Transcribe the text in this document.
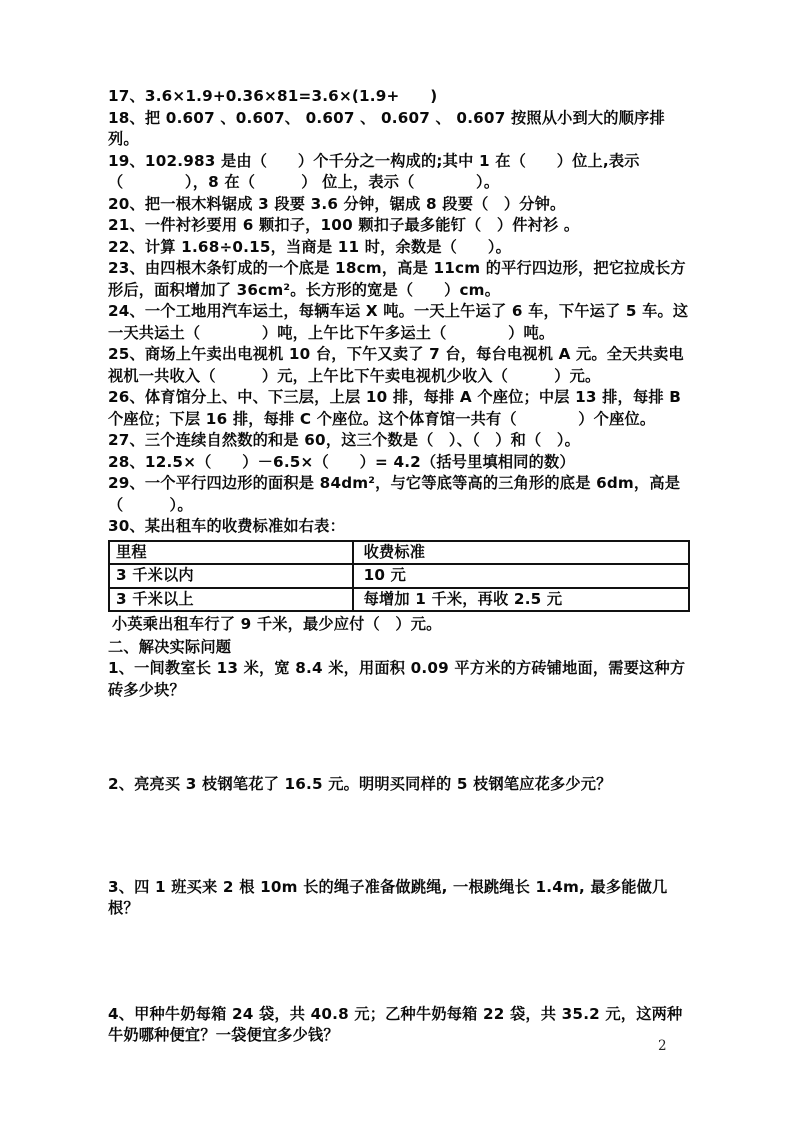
17、3.6×1.9+0.36×81=3.6×(1.9+　　)

18、把 0.607 、0.607、 0.607 、 0.607 、 0.607 按照从小到大的顺序排列。

19、102.983 是由（　　）个千分之一构成的;其中 1 在（　　）位上,表示（　　　　），8 在（　　　） 位上，表示（　　　　）。

20、把一根木料锯成 3 段要 3.6 分钟，锯成 8 段要（　）分钟。

21、一件衬衫要用 6 颗扣子，100 颗扣子最多能钉（　）件衬衫 。

22、计算 1.68÷0.15，当商是 11 时，余数是（　　）。

23、由四根木条钉成的一个底是 18cm，高是 11cm 的平行四边形，把它拉成长方形后，面积增加了 36cm²。长方形的宽是（　　）cm。

24、一个工地用汽车运土，每辆车运 X 吨。一天上午运了 6 车，下午运了 5 车。这一天共运土（　　　　）吨，上午比下午多运土（　　　　）吨。

25、商场上午卖出电视机 10 台，下午又卖了 7 台，每台电视机 A 元。全天共卖电视机一共收入（　　　）元，上午比下午卖电视机少收入（　　　）元。

26、体育馆分上、中、下三层，上层 10 排，每排 A 个座位；中层 13 排，每排 B 个座位；下层 16 排，每排 C 个座位。这个体育馆一共有（　　　　）个座位。

27、三个连续自然数的和是 60，这三个数是（　）、（　）和（　）。

28、12.5×（　　）－6.5×（　　）= 4.2（括号里填相同的数）

29、一个平行四边形的面积是 84dm²，与它等底等高的三角形的底是 6dm，高是（　　　）。

30、某出租车的收费标准如右表：

里程	收费标准
3 千米以内	10 元
3 千米以上	每增加 1 千米，再收 2.5 元

小英乘出租车行了 9 千米，最少应付（　）元。

二、解决实际问题

1、一间教室长 13 米，宽 8.4 米，用面积 0.09 平方米的方砖铺地面，需要这种方砖多少块？

2、亮亮买 3 枝钢笔花了 16.5 元。明明买同样的 5 枝钢笔应花多少元？

3、四 1 班买来 2 根 10m 长的绳子准备做跳绳, 一根跳绳长 1.4m, 最多能做几根？

4、甲种牛奶每箱 24 袋，共 40.8 元；乙种牛奶每箱 22 袋，共 35.2 元，这两种牛奶哪种便宜？一袋便宜多少钱？

2
